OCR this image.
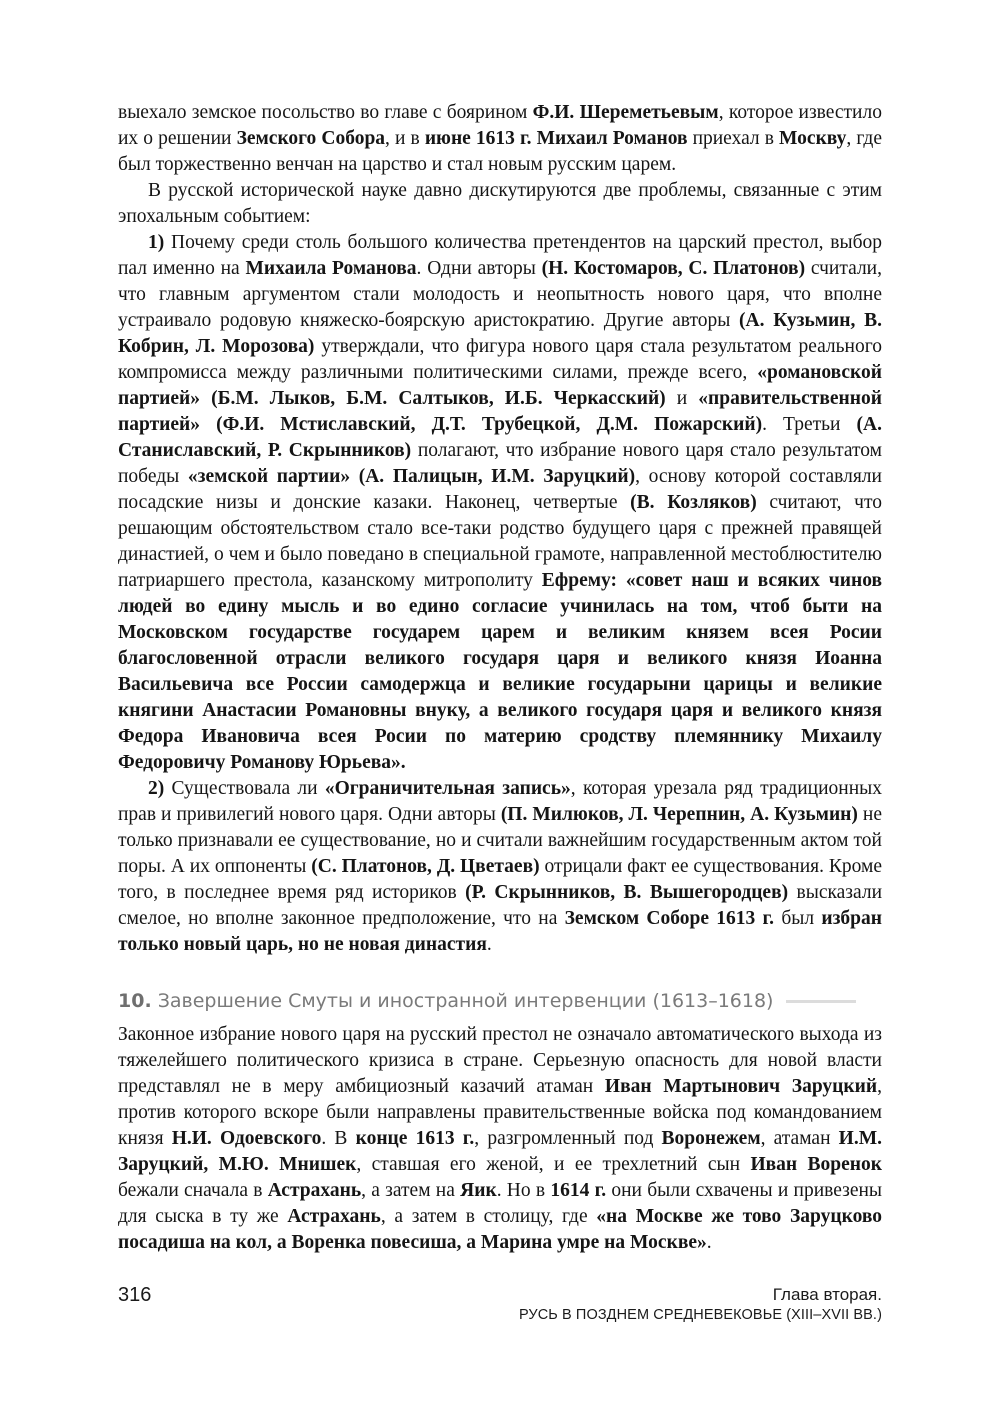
выехало земское посольство во главе с боярином Ф.И. Шереметьевым, которое известило их о решении Земского Собора, и в июне 1613 г. Михаил Романов приехал в Москву, где был торжественно венчан на царство и стал новым русским царем.

В русской исторической науке давно дискутируются две проблемы, связанные с этим эпохальным событием:

1) Почему среди столь большого количества претендентов на царский престол, выбор пал именно на Михаила Романова. Одни авторы (Н. Костомаров, С. Платонов) считали, что главным аргументом стали молодость и неопытность нового царя, что вполне устраивало родовую княжеско-боярскую аристократию. Другие авторы (А. Кузьмин, В. Кобрин, Л. Морозова) утверждали, что фигура нового царя стала результатом реального компромисса между различными политическими силами, прежде всего, «романовской партией» (Б.М. Лыков, Б.М. Салтыков, И.Б. Черкасский) и «правительственной партией» (Ф.И. Мстиславский, Д.Т. Трубецкой, Д.М. Пожарский). Третьи (А. Станиславский, Р. Скрынников) полагают, что избрание нового царя стало результатом победы «земской партии» (А. Палицын, И.М. Заруцкий), основу которой составляли посадские низы и донские казаки. Наконец, четвертые (В. Козляков) считают, что решающим обстоятельством стало все-таки родство будущего царя с прежней правящей династией, о чем и было поведано в специальной грамоте, направленной местоблюстителю патриаршего престола, казанскому митрополиту Ефрему: «совет наш и всяких чинов людей во едину мысль и во едино согласие учинилась на том, чтоб быти на Московском государстве государем царем и великим князем всея Росии благословенной отрасли великого государя царя и великого князя Иоанна Васильевича все России самодержца и великие государыни царицы и великие княгини Анастасии Романовны внуку, а великого государя царя и великого князя Федора Ивановича всея Росии по материю сродству племяннику Михаилу Федоровичу Романову Юрьева».

2) Существовала ли «Ограничительная запись», которая урезала ряд традиционных прав и привилегий нового царя. Одни авторы (П. Милюков, Л. Черепнин, А. Кузьмин) не только признавали ее существование, но и считали важнейшим государственным актом той поры. А их оппоненты (С. Платонов, Д. Цветаев) отрицали факт ее существования. Кроме того, в последнее время ряд историков (Р. Скрынников, В. Вышегородцев) высказали смелое, но вполне законное предположение, что на Земском Соборе 1613 г. был избран только новый царь, но не новая династия.

10. Завершение Смуты и иностранной интервенции (1613–1618)

Законное избрание нового царя на русский престол не означало автоматического выхода из тяжелейшего политического кризиса в стране. Серьезную опасность для новой власти представлял не в меру амбициозный казачий атаман Иван Мартынович Заруцкий, против которого вскоре были направлены правительственные войска под командованием князя Н.И. Одоевского. В конце 1613 г., разгромленный под Воронежем, атаман И.М. Заруцкий, М.Ю. Мнишек, ставшая его женой, и ее трехлетний сын Иван Воренок бежали сначала в Астрахань, а затем на Яик. Но в 1614 г. они были схвачены и привезены для сыска в ту же Астрахань, а затем в столицу, где «на Москве же тово Заруцково посадиша на кол, а Воренка повесиша, а Марина умре на Москве».

316	Глава вторая.
РУСЬ В ПОЗДНЕМ СРЕДНЕВЕКОВЬЕ (XIII–XVII ВВ.)
